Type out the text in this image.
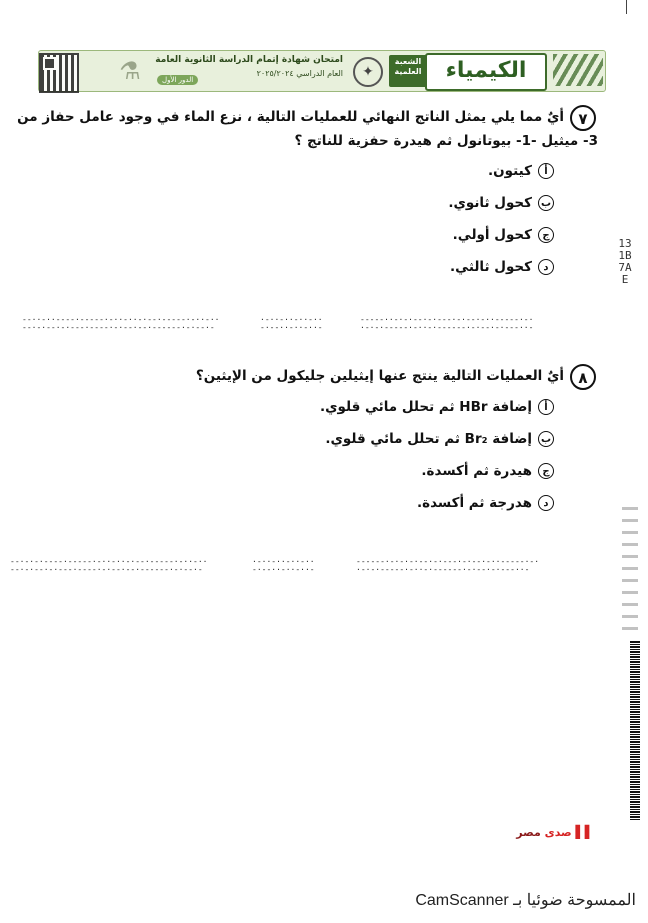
⚗	الدور الأول
امتحان شهادة إتمام الدراسة الثانوية العامة
العام الدراسي ٢٠٢٥/٢٠٢٤	✦
الشعبة العلمية	الكيمياء
٧
أيٌ مما يلي يمثل الناتج النهائي للعمليات التالية ، نزع الماء في وجود عامل حفاز من
3- ميثيل -1- بيوتانول ثم هيدرة حفزية للناتج ؟
أكيتون.
بكحول ثانوي.
جكحول أولي.
دكحول ثالثي.
--··-··----·-----·-··-··-·--·-----·-··-··
--·-·--·-·---·----·-·--·--·------·-·--·-
·-··-··-··-··
-·--··-··-··-
-----··-·-·--·-·---·-·--·-··-----·-·
·-·-·-----·-··-·------·-·--·-·---··-
٨
أيٌ العمليات التالية ينتج عنها إيثيلين جليكول من الإيثين؟
أإضافة HBr ثم تحلل مائي قلوي.
بإضافة Br₂ ثم تحلل مائي قلوي.
جهيدرة ثم أكسدة.
دهدرجة ثم أكسدة.
--·-·-·----·-----·-··-··-·--·-----·-··-··
--·-·--·-·---·----·-·--·--·------·-·--·-
·-··-··-··-··
-·--··-··-··-
------·-·-·-·--·-·---·-·--·-··-----·-·
·-·-·-----·-··-·------·-·--·-·---··-
131B7AE
▌▌ صدى مصر
الممسوحة ضوئيا بـ CamScanner
